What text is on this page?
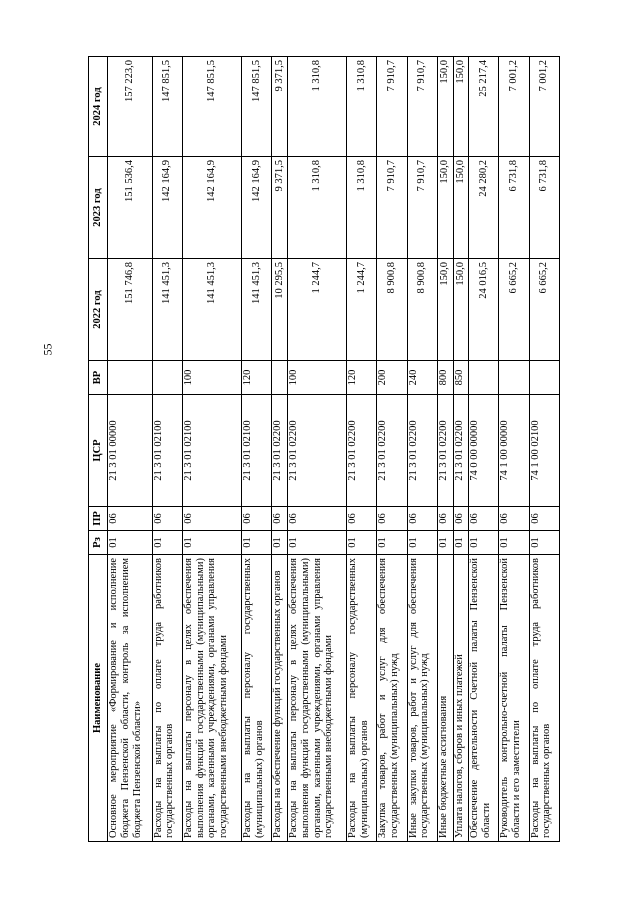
55
Наименование	Рз	ПР	ЦСР	ВР	2022 год	2023 год	2024 год
Основное мероприятие «Формирование и исполнение бюджета Пензенской области, контроль за исполнением бюджета Пензенской области»	01	06	21 3 01 00000		151 746,8	151 536,4	157 223,0
Расходы на выплаты по оплате труда работников государственных органов	01	06	21 3 01 02100		141 451,3	142 164,9	147 851,5
Расходы на выплаты персоналу в целях обеспечения выполнения функций государственными (муниципальными) органами, казенными учреждениями, органами управления государственными внебюджетными фондами	01	06	21 3 01 02100	100	141 451,3	142 164,9	147 851,5
Расходы на выплаты персоналу государственных (муниципальных) органов	01	06	21 3 01 02100	120	141 451,3	142 164,9	147 851,5
Расходы на обеспечение функций государственных органов	01	06	21 3 01 02200		10 295,5	9 371,5	9 371,5
Расходы на выплаты персоналу в целях обеспечения выполнения функций государственными (муниципальными) органами, казенными учреждениями, органами управления государственными внебюджетными фондами	01	06	21 3 01 02200	100	1 244,7	1 310,8	1 310,8
Расходы на выплаты персоналу государственных (муниципальных) органов	01	06	21 3 01 02200	120	1 244,7	1 310,8	1 310,8
Закупка товаров, работ и услуг для обеспечения государственных (муниципальных) нужд	01	06	21 3 01 02200	200	8 900,8	7 910,7	7 910,7
Иные закупки товаров, работ и услуг для обеспечения государственных (муниципальных) нужд	01	06	21 3 01 02200	240	8 900,8	7 910,7	7 910,7
Иные бюджетные ассигнования	01	06	21 3 01 02200	800	150,0	150,0	150,0
Уплата налогов, сборов и иных платежей	01	06	21 3 01 02200	850	150,0	150,0	150,0
Обеспечение деятельности Счетной палаты Пензенской области	01	06	74 0 00 00000		24 016,5	24 280,2	25 217,4
Руководитель контрольно-счетной палаты Пензенской области и его заместители	01	06	74 1 00 00000		6 665,2	6 731,8	7 001,2
Расходы на выплаты по оплате труда работников государственных органов	01	06	74 1 00 02100		6 665,2	6 731,8	7 001,2
